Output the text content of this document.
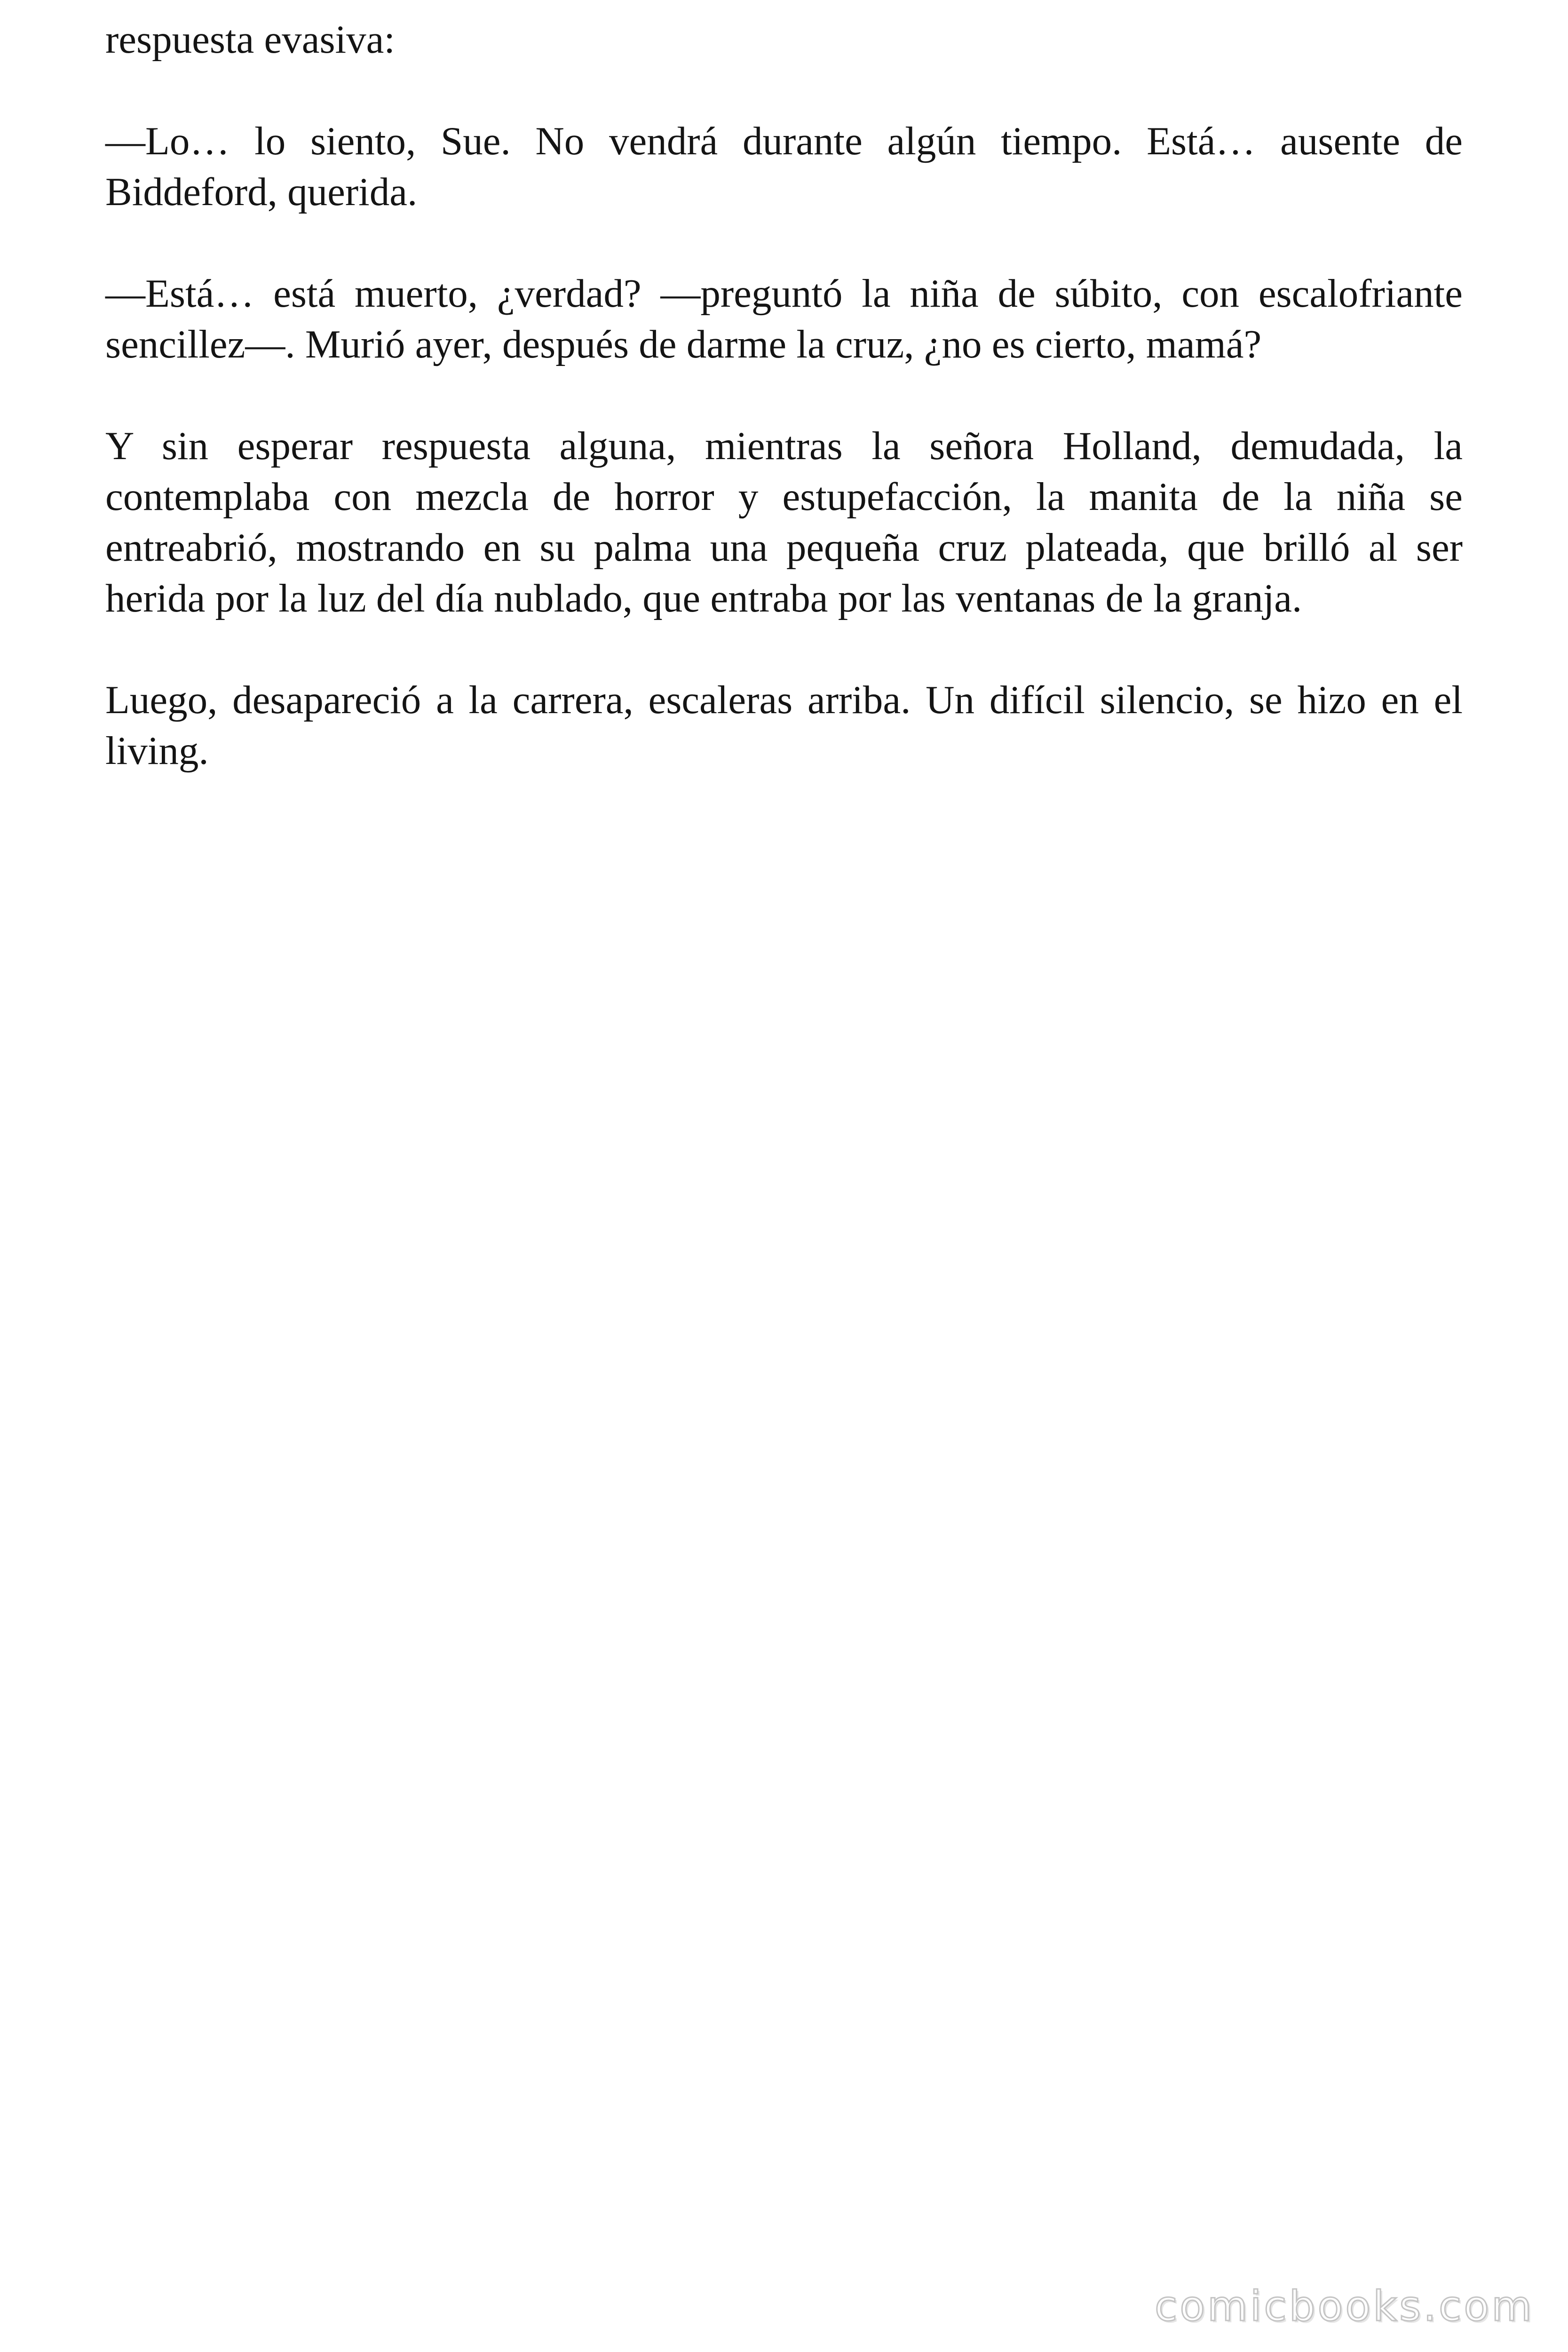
respuesta evasiva:

—Lo… lo siento, Sue. No vendrá durante algún tiempo. Está… ausente de Biddeford, querida.

—Está… está muerto, ¿verdad? —preguntó la niña de súbito, con escalofriante sencillez—. Murió ayer, después de darme la cruz, ¿no es cierto, mamá?

Y sin esperar respuesta alguna, mientras la señora Holland, demudada, la contemplaba con mezcla de horror y estupefacción, la manita de la niña se entreabrió, mostrando en su palma una pequeña cruz plateada, que brilló al ser herida por la luz del día nublado, que entraba por las ventanas de la granja.

Luego, desapareció a la carrera, escaleras arriba. Un difícil silencio, se hizo en el living.

comicbooks.com
